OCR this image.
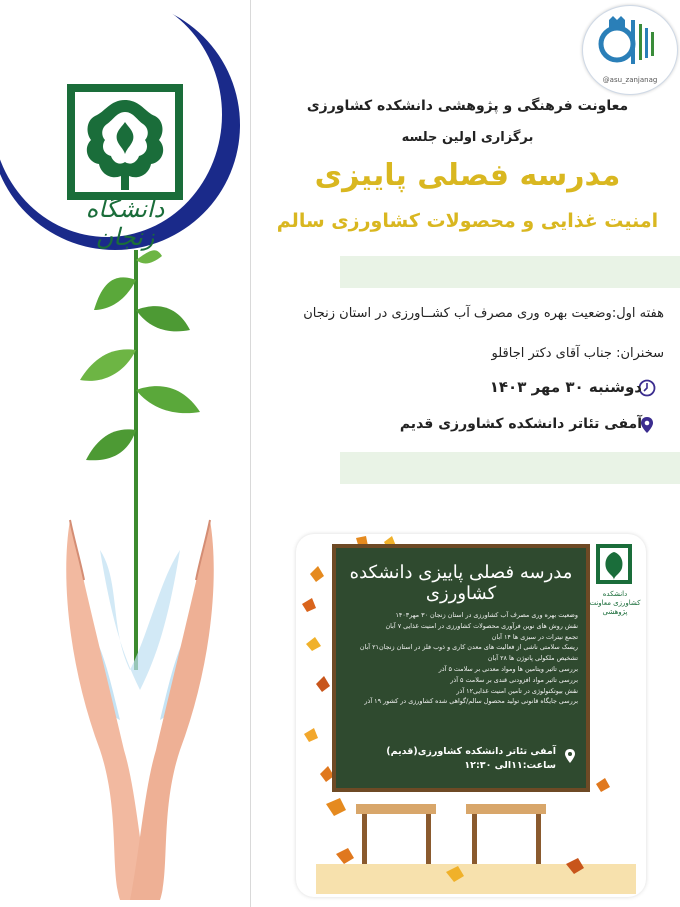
دانشگاه زنجان
@asu_zanjanag
معاونت فرهنگی و پژوهشی دانشکده کشاورزی
برگزاری اولین جلسه
مدرسه فصلی پاییزی
امنیت غذایی و محصولات کشاورزی سالم
هفته اول:وضعیت بهره وری مصرف آب کشــاورزی در استان زنجان
سخنران: جناب آقای دکتر اجاقلو
دوشنبه ۳۰ مهر ۱۴۰۳
آمفی تئاتر دانشکده کشاورزی قدیم
مدرسه فصلی پاییزی دانشکده کشاورزی
وضعیت بهره وری مصرف آب کشاورزی در استان زنجان ۳۰ مهر۱۴۰۳
نقش روش های نوین فرآوری محصولات کشاورزی در امنیت غذایی ۷ آبان
تجمع نیترات در سبزی ها ۱۴ آبان
ریسک سلامتی ناشی از فعالیت های معدن کاری و ذوب فلز در استان زنجان۲۱ آبان
تشخیص ملکولی پاتوژن ها ۲۸ آبان
بررسی تاثیر ویتامین ها ومواد معدنی بر سلامت ۵ آذر
بررسی تاثیر مواد افزودنی قندی بر سلامت ۵ آذر
نقش بیوتکنولوژی در تامین امنیت غذایی۱۲ آذر
بررسی جایگاه قانونی تولید محصول سالم/گواهی شده کشاورزی در کشور ۱۹ آذر
آمفی تئاتر دانشکده کشاورزی(قدیم)
ساعت:۱۱الی ۱۲:۳۰
دانشکده کشاورزی معاونت پژوهشی
